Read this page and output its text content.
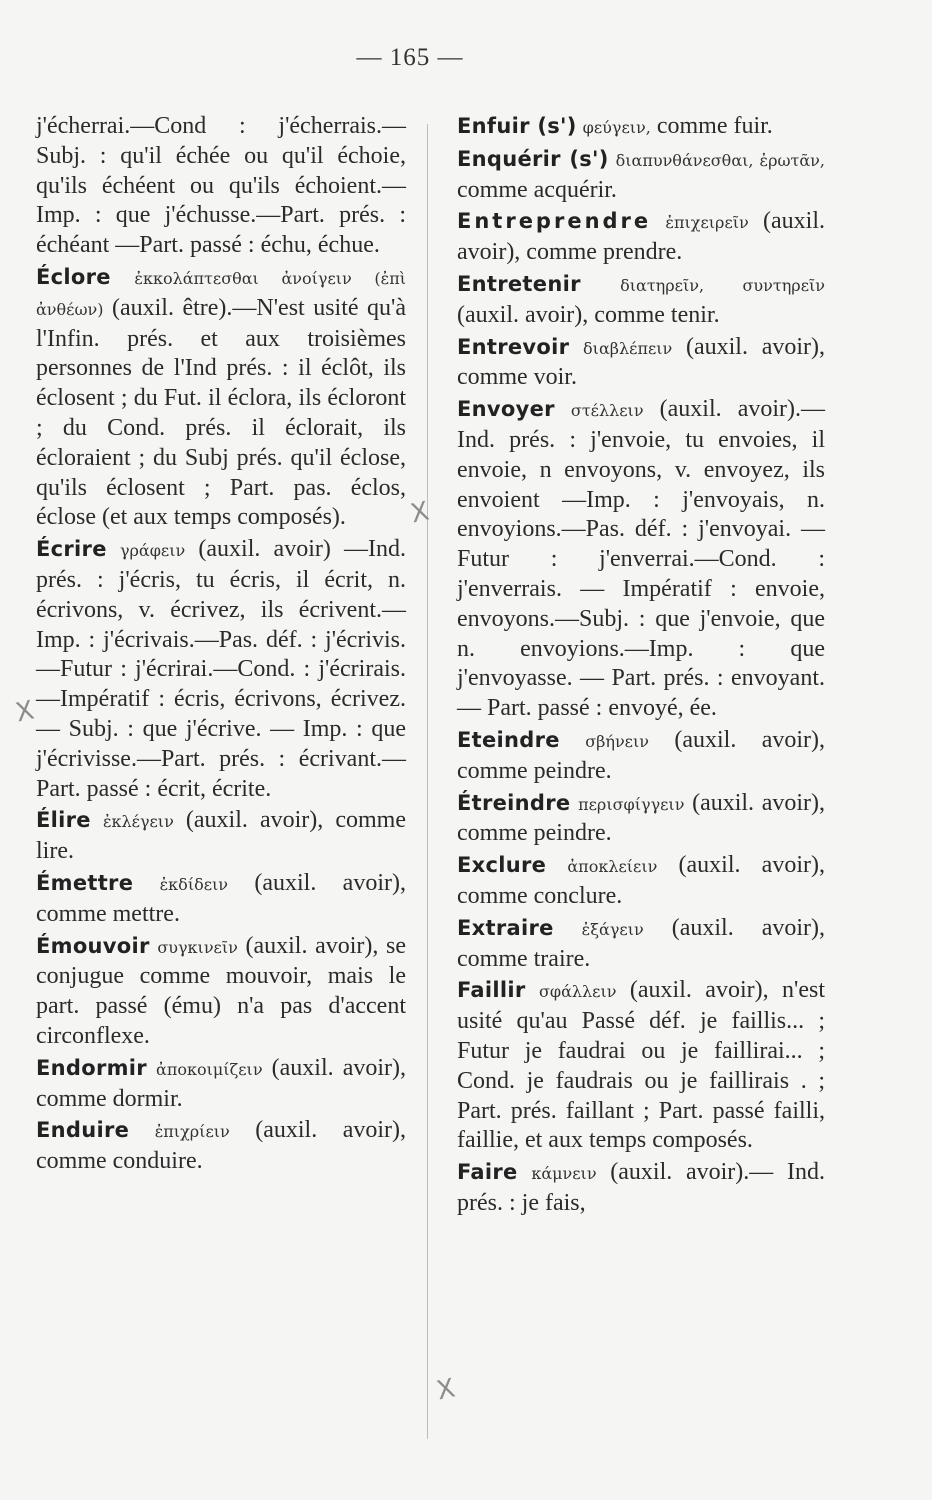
— 165 —
X
X
X

j'écherrai.—Cond : j'écherrais.— Subj. : qu'il échée ou qu'il échoie, qu'ils échéent ou qu'ils échoient.—Imp. : que j'échusse.—Part. prés. : échéant —Part. passé : échu, échue.

Éclore ἐκκολάπτεσθαι ἀνοίγειν (ἐπὶ ἀνθέων) (auxil. être).—N'est usité qu'à l'Infin. prés. et aux troisièmes personnes de l'Ind prés. : il éclôt, ils éclosent ; du Fut. il éclora, ils écloront ; du Cond. prés. il éclorait, ils écloraient ; du Subj prés. qu'il éclose, qu'ils éclosent ; Part. pas. éclos, éclose (et aux temps composés).

Écrire γράφειν (auxil. avoir) —Ind. prés. : j'écris, tu écris, il écrit, n. écrivons, v. écrivez, ils écrivent.—Imp. : j'écrivais.—Pas. déf. : j'écrivis.—Futur : j'écrirai.—Cond. : j'écrirais.—Impératif : écris, écrivons, écrivez. — Subj. : que j'écrive. — Imp. : que j'écrivisse.—Part. prés. : écrivant.—Part. passé : écrit, écrite.

Élire ἐκλέγειν (auxil. avoir), comme lire.

Émettre ἐκδίδειν (auxil. avoir), comme mettre.

Émouvoir συγκινεῖν (auxil. avoir), se conjugue comme mouvoir, mais le part. passé (ému) n'a pas d'accent circonflexe.

Endormir ἀποκοιμίζειν (auxil. avoir), comme dormir.

Enduire ἐπιχρίειν (auxil. avoir), comme conduire.

Enfuir (s') φεύγειν, comme fuir.

Enquérir (s') διαπυνθάνεσθαι, ἐρωτᾶν, comme acquérir.

Entreprendre ἐπιχειρεῖν (auxil. avoir), comme prendre.

Entretenir διατηρεῖν, συντηρεῖν (auxil. avoir), comme tenir.

Entrevoir διαβλέπειν (auxil. avoir), comme voir.

Envoyer στέλλειν (auxil. avoir).—Ind. prés. : j'envoie, tu envoies, il envoie, n envoyons, v. envoyez, ils envoient —Imp. : j'envoyais, n. envoyions.—Pas. déf. : j'envoyai. — Futur : j'enverrai.—Cond. : j'enverrais. — Impératif : envoie, envoyons.—Subj. : que j'envoie, que n. envoyions.—Imp. : que j'envoyasse. — Part. prés. : envoyant. — Part. passé : envoyé, ée.

Eteindre σβήνειν (auxil. avoir), comme peindre.

Étreindre περισφίγγειν (auxil. avoir), comme peindre.

Exclure ἀποκλείειν (auxil. avoir), comme conclure.

Extraire ἐξάγειν (auxil. avoir), comme traire.

Faillir σφάλλειν (auxil. avoir), n'est usité qu'au Passé déf. je faillis... ; Futur je faudrai ou je faillirai... ; Cond. je faudrais ou je faillirais . ; Part. prés. faillant ; Part. passé failli, faillie, et aux temps composés.

Faire κάμνειν (auxil. avoir).— Ind. prés. : je fais,
